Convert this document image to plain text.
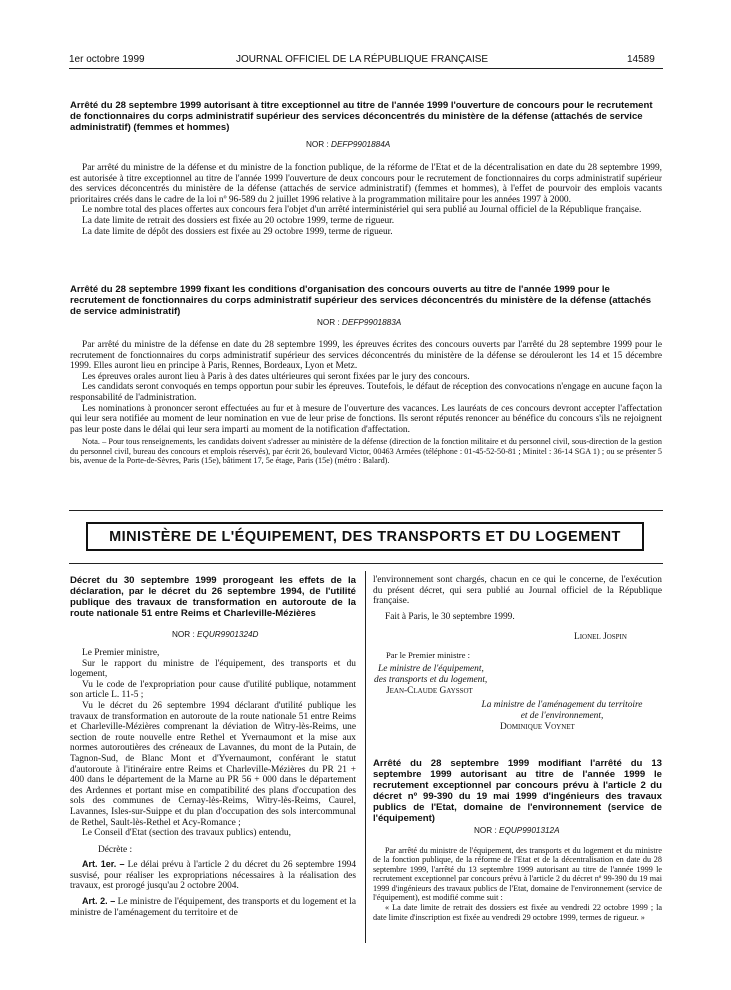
1er octobre 1999	JOURNAL OFFICIEL DE LA RÉPUBLIQUE FRANÇAISE	14589
Arrêté du 28 septembre 1999 autorisant à titre exceptionnel au titre de l'année 1999 l'ouverture de concours pour le recrutement de fonctionnaires du corps administratif supérieur des services déconcentrés du ministère de la défense (attachés de service administratif) (femmes et hommes)
NOR : DEFP9901884A

Par arrêté du ministre de la défense et du ministre de la fonction publique, de la réforme de l'Etat et de la décentralisation en date du 28 septembre 1999, est autorisée à titre exceptionnel au titre de l'année 1999 l'ouverture de deux concours pour le recrutement de fonctionnaires du corps administratif supérieur des services déconcentrés du ministère de la défense (attachés de service administratif) (femmes et hommes), à l'effet de pourvoir des emplois vacants prioritaires créés dans le cadre de la loi nº 96-589 du 2 juillet 1996 relative à la programmation militaire pour les années 1997 à 2000.

Le nombre total des places offertes aux concours fera l'objet d'un arrêté interministériel qui sera publié au Journal officiel de la République française.

La date limite de retrait des dossiers est fixée au 20 octobre 1999, terme de rigueur.

La date limite de dépôt des dossiers est fixée au 29 octobre 1999, terme de rigueur.

Arrêté du 28 septembre 1999 fixant les conditions d'organisation des concours ouverts au titre de l'année 1999 pour le recrutement de fonctionnaires du corps administratif supérieur des services déconcentrés du ministère de la défense (attachés de service administratif)
NOR : DEFP9901883A

Par arrêté du ministre de la défense en date du 28 septembre 1999, les épreuves écrites des concours ouverts par l'arrêté du 28 septembre 1999 pour le recrutement de fonctionnaires du corps administratif supérieur des services déconcentrés du ministère de la défense se dérouleront les 14 et 15 décembre 1999. Elles auront lieu en principe à Paris, Rennes, Bordeaux, Lyon et Metz.

Les épreuves orales auront lieu à Paris à des dates ultérieures qui seront fixées par le jury des concours.

Les candidats seront convoqués en temps opportun pour subir les épreuves. Toutefois, le défaut de réception des convocations n'engage en aucune façon la responsabilité de l'administration.

Les nominations à prononcer seront effectuées au fur et à mesure de l'ouverture des vacances. Les lauréats de ces concours devront accepter l'affectation qui leur sera notifiée au moment de leur nomination en vue de leur prise de fonctions. Ils seront réputés renoncer au bénéfice du concours s'ils ne rejoignent pas leur poste dans le délai qui leur sera imparti au moment de la notification d'affectation.

Nota. – Pour tous renseignements, les candidats doivent s'adresser au ministère de la défense (direction de la fonction militaire et du personnel civil, sous-direction de la gestion du personnel civil, bureau des concours et emplois réservés), par écrit 26, boulevard Victor, 00463 Armées (téléphone : 01-45-52-50-81 ; Minitel : 36-14 SGA 1) ; ou se présenter 5 bis, avenue de la Porte-de-Sèvres, Paris (15e), bâtiment 17, 5e étage, Paris (15e) (métro : Balard).

MINISTÈRE DE L'ÉQUIPEMENT, DES TRANSPORTS ET DU LOGEMENT
Décret du 30 septembre 1999 prorogeant les effets de la déclaration, par le décret du 26 septembre 1994, de l'utilité publique des travaux de transformation en autoroute de la route nationale 51 entre Reims et Charleville-Mézières
NOR : EQUR9901324D

Le Premier ministre,

Sur le rapport du ministre de l'équipement, des transports et du logement,

Vu le code de l'expropriation pour cause d'utilité publique, notamment son article L. 11-5 ;

Vu le décret du 26 septembre 1994 déclarant d'utilité publique les travaux de transformation en autoroute de la route nationale 51 entre Reims et Charleville-Mézières comprenant la déviation de Witry-lès-Reims, une section de route nouvelle entre Rethel et Yvernaumont et la mise aux normes autoroutières des créneaux de Lavannes, du mont de la Putain, de Tagnon-Sud, de Blanc Mont et d'Yvernaumont, conférant le statut d'autoroute à l'itinéraire entre Reims et Charleville-Mézières du PR 21 + 400 dans le département de la Marne au PR 56 + 000 dans le département des Ardennes et portant mise en compatibilité des plans d'occupation des sols des communes de Cernay-lès-Reims, Witry-lès-Reims, Caurel, Lavannes, Isles-sur-Suippe et du plan d'occupation des sols intercommunal de Rethel, Sault-lès-Rethel et Acy-Romance ;

Le Conseil d'Etat (section des travaux publics) entendu,

Décrète :

Art. 1er. – Le délai prévu à l'article 2 du décret du 26 septembre 1994 susvisé, pour réaliser les expropriations nécessaires à la réalisation des travaux, est prorogé jusqu'au 2 octobre 2004.

Art. 2. – Le ministre de l'équipement, des transports et du logement et la ministre de l'aménagement du territoire et de

l'environnement sont chargés, chacun en ce qui le concerne, de l'exécution du présent décret, qui sera publié au Journal officiel de la République française.

Fait à Paris, le 30 septembre 1999.

Lionel Jospin
Par le Premier ministre :
Le ministre de l'équipement,
des transports et du logement,
Jean-Claude Gayssot
La ministre de l'aménagement du territoire
et de l'environnement,
Dominique Voynet
Arrêté du 28 septembre 1999 modifiant l'arrêté du 13 septembre 1999 autorisant au titre de l'année 1999 le recrutement exceptionnel par concours prévu à l'article 2 du décret nº 99-390 du 19 mai 1999 d'ingénieurs des travaux publics de l'Etat, domaine de l'environnement (service de l'équipement)
NOR : EQUP9901312A

Par arrêté du ministre de l'équipement, des transports et du logement et du ministre de la fonction publique, de la réforme de l'Etat et de la décentralisation en date du 28 septembre 1999, l'arrêté du 13 septembre 1999 autorisant au titre de l'année 1999 le recrutement exceptionnel par concours prévu à l'article 2 du décret nº 99-390 du 19 mai 1999 d'ingénieurs des travaux publics de l'Etat, domaine de l'environnement (service de l'équipement), est modifié comme suit :

« La date limite de retrait des dossiers est fixée au vendredi 22 octobre 1999 ; la date limite d'inscription est fixée au vendredi 29 octobre 1999, termes de rigueur. »
